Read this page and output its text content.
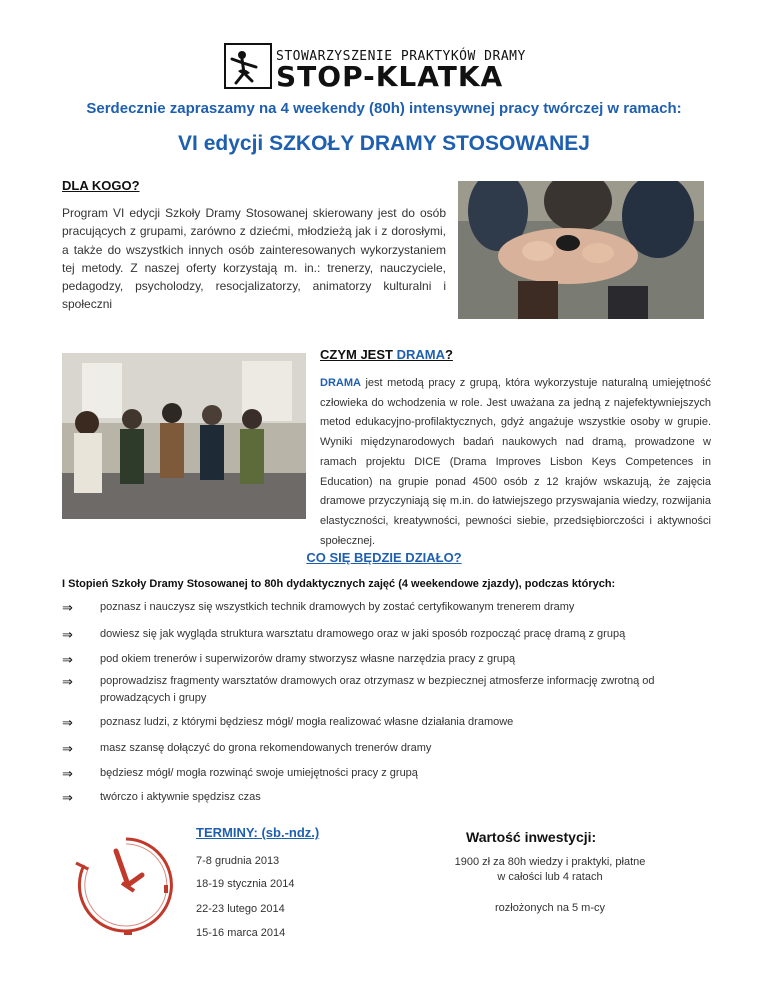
STOWARZYSZENIE PRAKTYKÓW DRAMY
STOP-KLATKA
Serdecznie zapraszamy na 4 weekendy (80h) intensywnej pracy twórczej w ramach:
VI edycji SZKOŁY DRAMY STOSOWANEJ
DLA KOGO?
Program VI edycji Szkoły Dramy Stosowanej skierowany jest do osób pracujących z grupami, zarówno z dziećmi, młodzieżą jak i z dorosłymi, a także do wszystkich innych osób zainteresowanych wykorzystaniem tej metody. Z naszej oferty korzystają m. in.: trenerzy, nauczyciele, pedagodzy, psycholodzy, resocjalizatorzy, animatorzy kulturalni i społeczni
CZYM JEST DRAMA?
DRAMA jest metodą pracy z grupą, która wykorzystuje naturalną umiejętność człowieka do wchodzenia w role. Jest uważana za jedną z najefektywniejszych metod edukacyjno-profilaktycznych, gdyż angażuje wszystkie osoby w grupie. Wyniki międzynarodowych badań naukowych nad dramą, prowadzone w ramach projektu DICE (Drama Improves Lisbon Keys Competences in Education) na grupie ponad 4500 osób z 12 krajów wskazują, że zajęcia dramowe przyczyniają się m.in. do łatwiejszego przyswajania wiedzy, rozwijania elastyczności, kreatywności, pewności siebie, przedsiębiorczości i aktywności społecznej.
CO SIĘ BĘDZIE DZIAŁO?
I Stopień Szkoły Dramy Stosowanej to 80h dydaktycznych zajęć (4 weekendowe zjazdy), podczas których:
⇒	poznasz i nauczysz się wszystkich technik dramowych by zostać certyfikowanym trenerem dramy
⇒	dowiesz się jak wygląda struktura warsztatu dramowego oraz w jaki sposób rozpocząć pracę dramą z grupą
⇒	pod okiem trenerów i superwizorów dramy stworzysz własne narzędzia pracy z grupą
⇒	poprowadzisz fragmenty warsztatów dramowych oraz otrzymasz w bezpiecznej atmosferze informację zwrotną od prowadzących i grupy
⇒	poznasz ludzi, z którymi będziesz mógł/ mogła realizować własne działania dramowe
⇒	masz szansę dołączyć do grona rekomendowanych trenerów dramy
⇒	będziesz mógł/ mogła rozwinąć swoje umiejętności pracy z grupą
⇒	twórczo i aktywnie spędzisz czas
TERMINY: (sb.-ndz.)
7-8 grudnia 2013
18-19 stycznia 2014
22-23 lutego 2014
15-16 marca 2014
Wartość inwestycji:
1900 zł za 80h wiedzy i praktyki, płatne
w całości lub 4 ratach
rozłożonych na 5 m-cy
